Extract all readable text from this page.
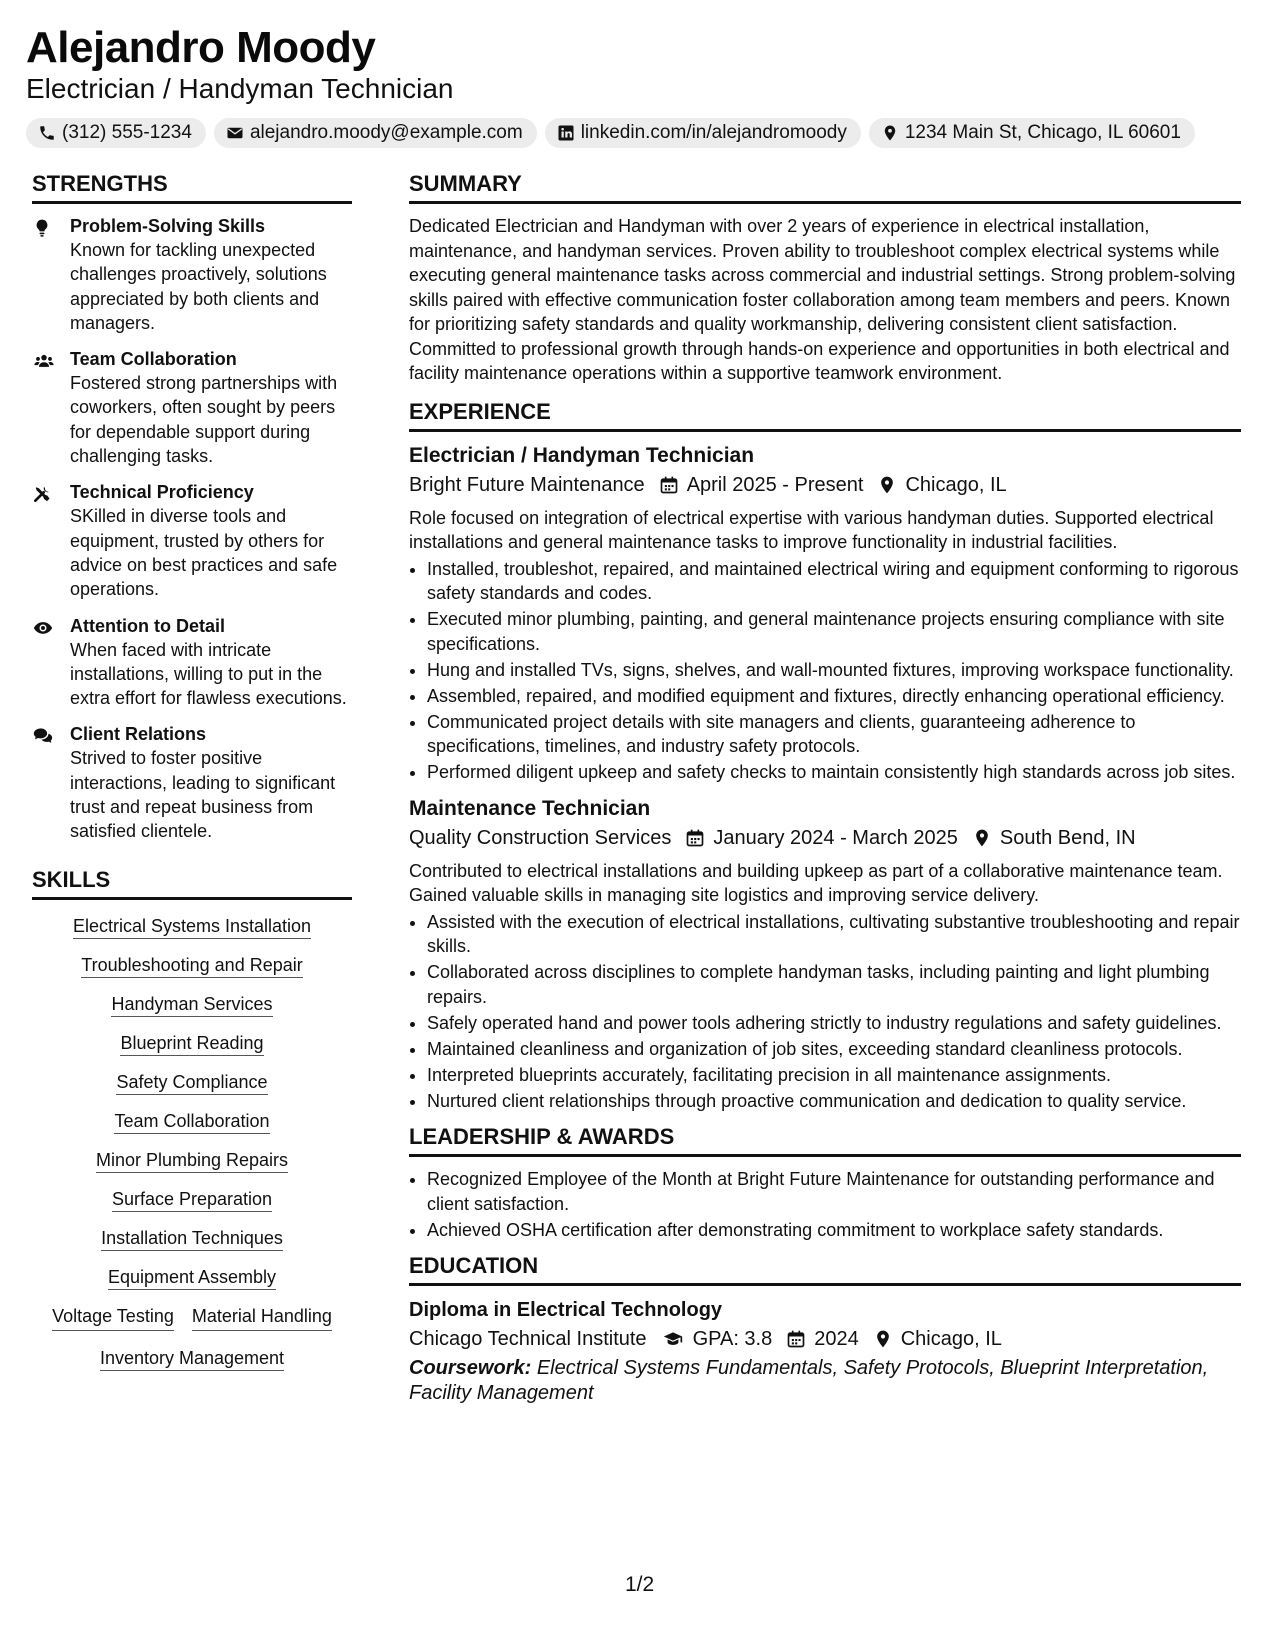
Alejandro Moody
Electrician / Handyman Technician
(312) 555-1234	alejandro.moody@example.com	linkedin.com/in/alejandromoody	1234 Main St, Chicago, IL 60601
STRENGTHS
Problem-Solving Skills
Known for tackling unexpected challenges proactively, solutions appreciated by both clients and managers.
Team Collaboration
Fostered strong partnerships with coworkers, often sought by peers for dependable support during challenging tasks.
Technical Proficiency
SKilled in diverse tools and equipment, trusted by others for advice on best practices and safe operations.
Attention to Detail
When faced with intricate installations, willing to put in the extra effort for flawless executions.
Client Relations
Strived to foster positive interactions, leading to significant trust and repeat business from satisfied clientele.
SKILLS
Electrical Systems Installation
Troubleshooting and Repair
Handyman Services
Blueprint Reading
Safety Compliance
Team Collaboration
Minor Plumbing Repairs
Surface Preparation
Installation Techniques
Equipment Assembly
Voltage Testing Material Handling
Inventory Management
SUMMARY
Dedicated Electrician and Handyman with over 2 years of experience in electrical installation, maintenance, and handyman services. Proven ability to troubleshoot complex electrical systems while executing general maintenance tasks across commercial and industrial settings. Strong problem-solving skills paired with effective communication foster collaboration among team members and peers. Known for prioritizing safety standards and quality workmanship, delivering consistent client satisfaction. Committed to professional growth through hands-on experience and opportunities in both electrical and facility maintenance operations within a supportive teamwork environment.
EXPERIENCE
Electrician / Handyman Technician
Bright Future Maintenance April 2025 - Present Chicago, IL
Role focused on integration of electrical expertise with various handyman duties. Supported electrical installations and general maintenance tasks to improve functionality in industrial facilities.
• Installed, troubleshot, repaired, and maintained electrical wiring and equipment conforming to rigorous safety standards and codes.
• Executed minor plumbing, painting, and general maintenance projects ensuring compliance with site specifications.
• Hung and installed TVs, signs, shelves, and wall-mounted fixtures, improving workspace functionality.
• Assembled, repaired, and modified equipment and fixtures, directly enhancing operational efficiency.
• Communicated project details with site managers and clients, guaranteeing adherence to specifications, timelines, and industry safety protocols.
• Performed diligent upkeep and safety checks to maintain consistently high standards across job sites.
Maintenance Technician
Quality Construction Services January 2024 - March 2025 South Bend, IN
Contributed to electrical installations and building upkeep as part of a collaborative maintenance team. Gained valuable skills in managing site logistics and improving service delivery.
• Assisted with the execution of electrical installations, cultivating substantive troubleshooting and repair skills.
• Collaborated across disciplines to complete handyman tasks, including painting and light plumbing repairs.
• Safely operated hand and power tools adhering strictly to industry regulations and safety guidelines.
• Maintained cleanliness and organization of job sites, exceeding standard cleanliness protocols.
• Interpreted blueprints accurately, facilitating precision in all maintenance assignments.
• Nurtured client relationships through proactive communication and dedication to quality service.
LEADERSHIP & AWARDS
• Recognized Employee of the Month at Bright Future Maintenance for outstanding performance and client satisfaction.
• Achieved OSHA certification after demonstrating commitment to workplace safety standards.
EDUCATION
Diploma in Electrical Technology
Chicago Technical Institute GPA: 3.8 2024 Chicago, IL
Coursework: Electrical Systems Fundamentals, Safety Protocols, Blueprint Interpretation, Facility Management
1/2
